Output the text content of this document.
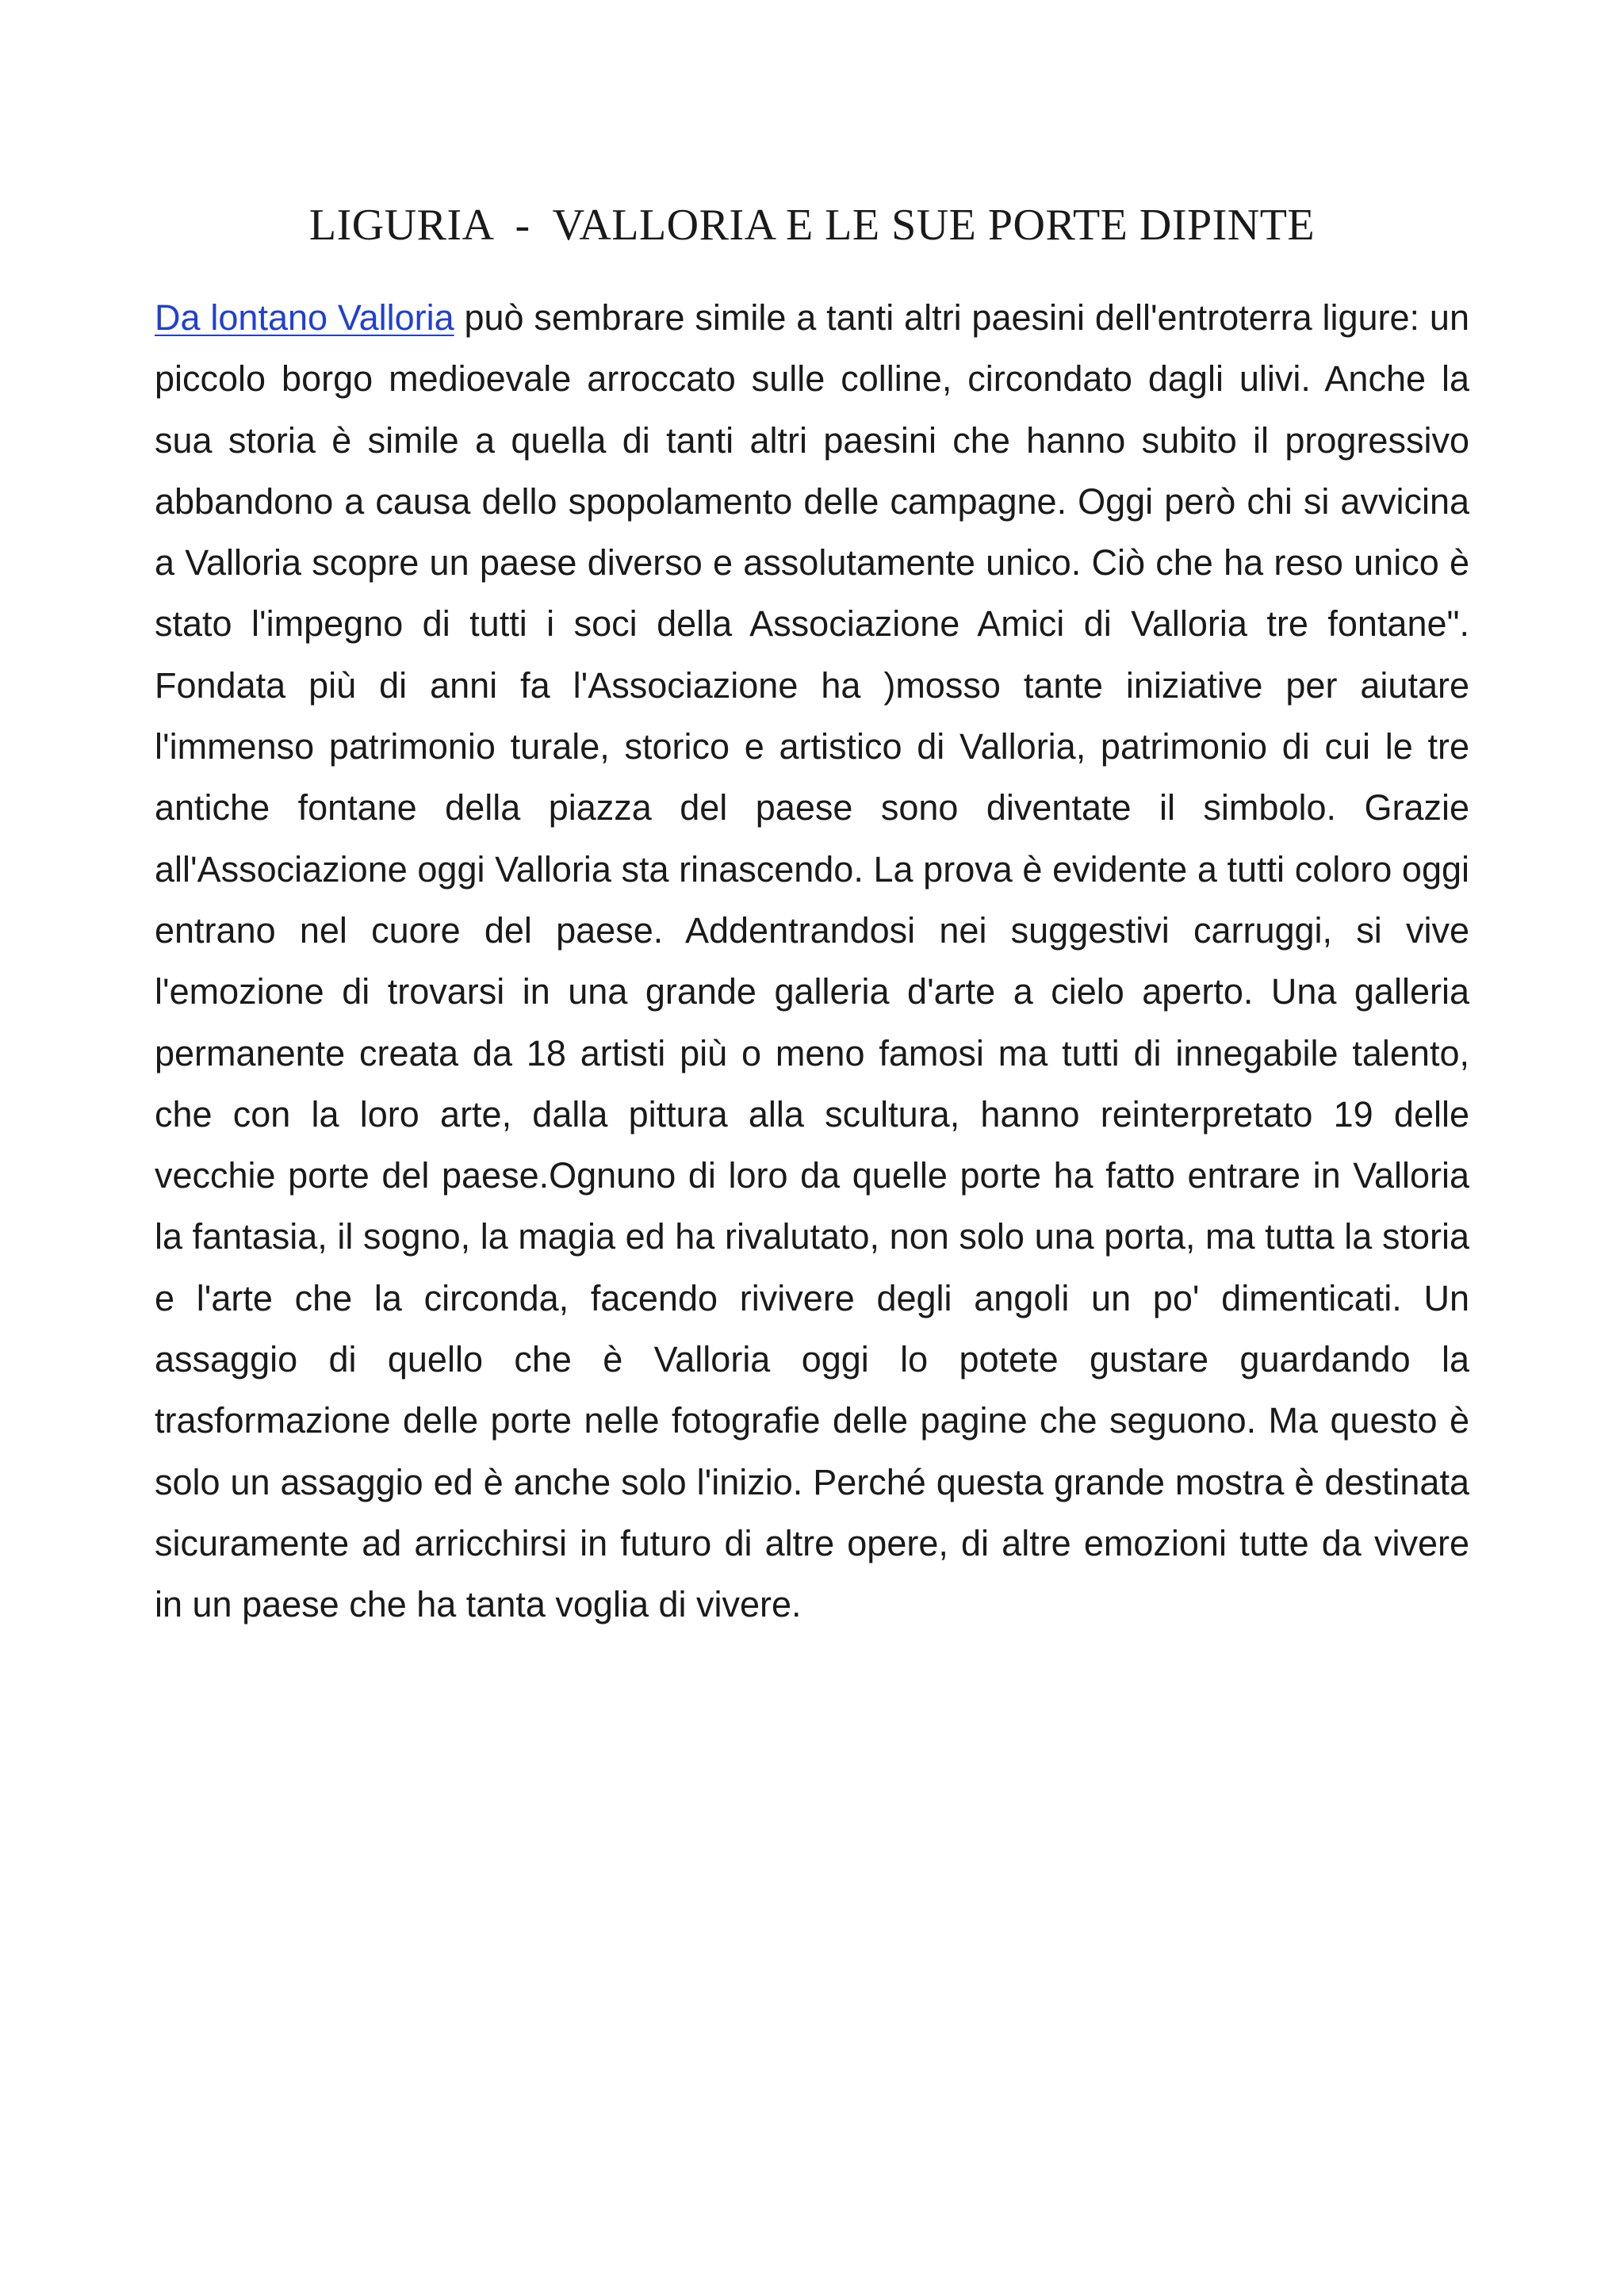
LIGURIA  -  VALLORIA E LE SUE PORTE DIPINTE
Da lontano Valloria può sembrare simile a tanti altri paesini dell'entroterra ligure: un piccolo borgo medioevale arroccato sulle colline, circondato dagli ulivi. Anche la sua storia è simile a quella di tanti altri paesini che hanno subito il progressivo abbandono a causa dello spopolamento delle campagne. Oggi però chi si avvicina a Valloria scopre un paese diverso e assolutamente unico. Ciò che ha reso unico è stato l'impegno di tutti i soci della Associazione Amici di Valloria tre fontane". Fondata più di anni fa l'Associazione ha )mosso tante iniziative per aiutare l'immenso patrimonio turale, storico e artistico di Valloria, patrimonio di cui le tre antiche fontane della piazza del paese sono diventate il simbolo. Grazie all'Associazione oggi Valloria sta rinascendo. La prova è evidente a tutti coloro oggi entrano nel cuore del paese. Addentrandosi nei suggestivi carruggi, si vive l'emozione di trovarsi in una grande galleria d'arte a cielo aperto. Una galleria permanente creata da 18 artisti più o meno famosi ma tutti di innegabile talento, che con la loro arte, dalla pittura alla scultura, hanno reinterpretato 19 delle vecchie porte del paese.Ognuno di loro da quelle porte ha fatto entrare in Valloria la fantasia, il sogno, la magia ed ha rivalutato, non solo una porta, ma tutta la storia e l'arte che la circonda, facendo rivivere degli angoli un po' dimenticati. Un assaggio di quello che è Valloria oggi lo potete gustare guardando la trasformazione delle porte nelle fotografie delle pagine che seguono. Ma questo è solo un assaggio ed è anche solo l'inizio. Perché questa grande mostra è destinata sicuramente ad arricchirsi in futuro di altre opere, di altre emozioni tutte da vivere in un paese che ha tanta voglia di vivere.
